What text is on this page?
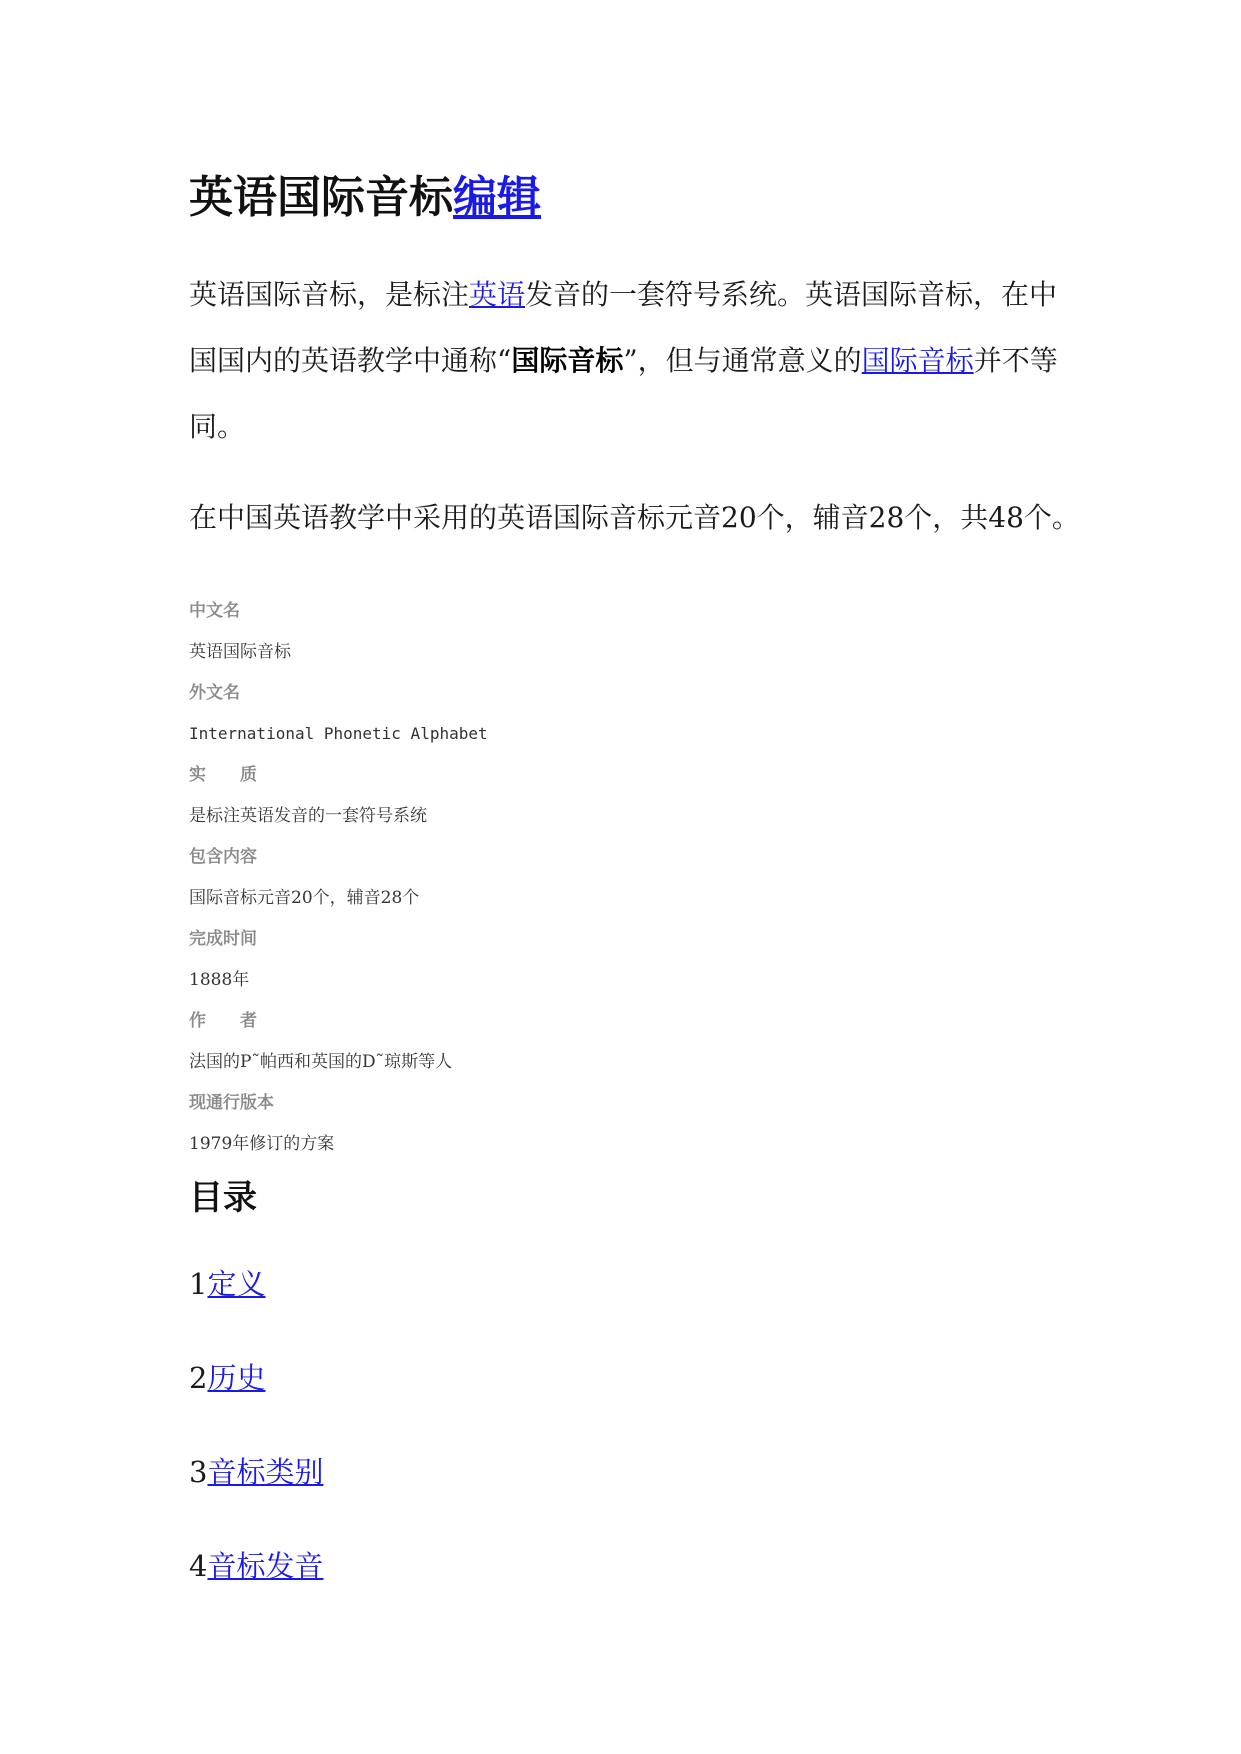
英语国际音标编辑
英语国际音标，是标注英语发音的一套符号系统。英语国际音标，在中国国内的英语教学中通称“国际音标”，但与通常意义的国际音标并不等同。
在中国英语教学中采用的英语国际音标元音20个，辅音28个，共48个。
中文名
英语国际音标
外文名
International Phonetic Alphabet
实　　质
是标注英语发音的一套符号系统
包含内容
国际音标元音20个，辅音28个
完成时间
1888年
作　　者
法国的P˜帕西和英国的D˜琼斯等人
现通行版本
1979年修订的方案
目录
1定义
2历史
3音标类别
4音标发音
